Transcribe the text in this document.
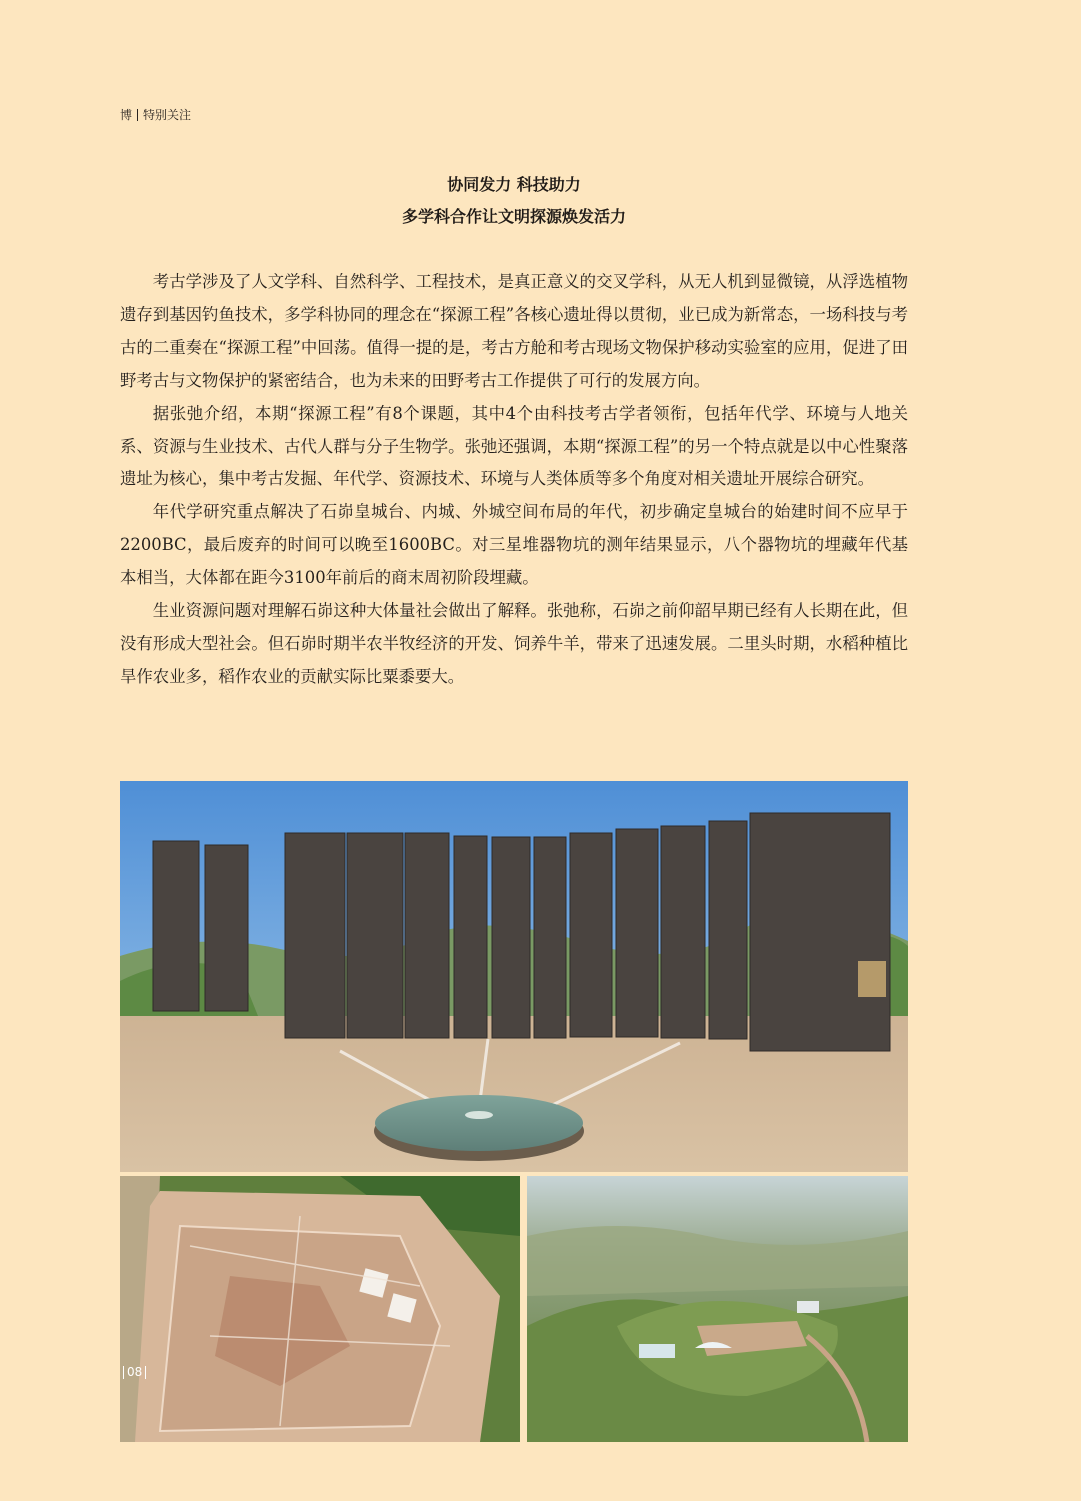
博 特别关注
协同发力 科技助力
多学科合作让文明探源焕发活力

考古学涉及了人文学科、自然科学、工程技术，是真正意义的交叉学科，从无人机到显微镜，从浮选植物遗存到基因钓鱼技术，多学科协同的理念在“探源工程”各核心遗址得以贯彻，业已成为新常态，一场科技与考古的二重奏在“探源工程”中回荡。值得一提的是，考古方舱和考古现场文物保护移动实验室的应用，促进了田野考古与文物保护的紧密结合，也为未来的田野考古工作提供了可行的发展方向。

据张弛介绍，本期“探源工程”有8个课题，其中4个由科技考古学者领衔，包括年代学、环境与人地关系、资源与生业技术、古代人群与分子生物学。张弛还强调，本期“探源工程”的另一个特点就是以中心性聚落遗址为核心，集中考古发掘、年代学、资源技术、环境与人类体质等多个角度对相关遗址开展综合研究。

年代学研究重点解决了石峁皇城台、内城、外城空间布局的年代，初步确定皇城台的始建时间不应早于2200BC，最后废弃的时间可以晚至1600BC。对三星堆器物坑的测年结果显示，八个器物坑的埋藏年代基本相当，大体都在距今3100年前后的商末周初阶段埋藏。

生业资源问题对理解石峁这种大体量社会做出了解释。张弛称，石峁之前仰韶早期已经有人长期在此，但没有形成大型社会。但石峁时期半农半牧经济的开发、饲养牛羊，带来了迅速发展。二里头时期，水稻种植比旱作农业多，稻作农业的贡献实际比粟黍要大。

08
